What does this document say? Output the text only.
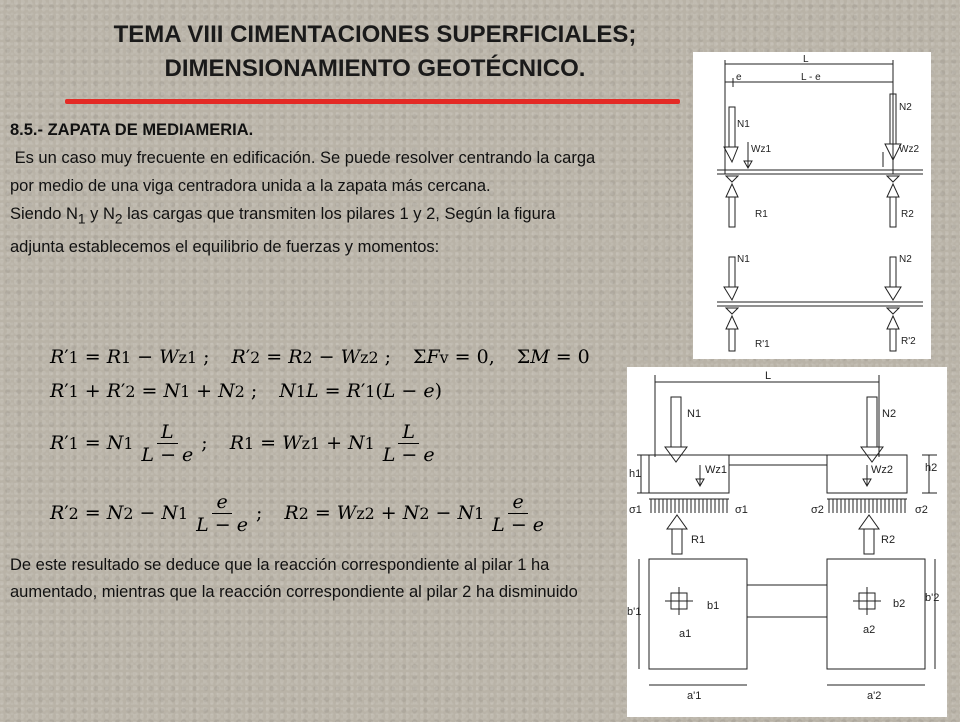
TEMA VIII CIMENTACIONES SUPERFICIALES;
DIMENSIONAMIENTO GEOTÉCNICO.

8.5.- ZAPATA DE MEDIAMERIA.

Es un caso muy frecuente en edificación. Se puede resolver centrando la carga por medio de una viga centradora unida a la zapata más cercana.

Siendo $N_1$ y $N_2$ las cargas que transmiten los pilares 1 y 2, Según la figura adjunta establecemos el equilibrio de fuerzas y momentos:

R ′ 1 = R 1 − W z1 ; R ′ 2 = R 2 − W z2 ; Σ F v = 0, Σ M = 0
R ′ 1 + R ′ 2 = N 1 + N 2 ; N 1 L = R ′ 1 ( L − e )
R ′ 1 = N $1 \frac{L}{L - e}$ ; R 1 = W z1 + N $1 \frac{L}{L - e}$
R ′ 2 = N 2 − N $1 \frac{e}{L - e}$ ; R 2 = W z2 + N 2 − N $1 \frac{e}{L - e}$

De este resultado se deduce que la reacción correspondiente al pilar 1 ha aumentado, mientras que la reacción correspondiente al pilar 2 ha disminuido

L
e	L - e
N1
N2
Wz1	Wz2
R1	R2
N1	N2
R'1	R'2
L
N1	N2
h1	h2
Wz1	Wz2
σ1	σ1	σ2	σ2
R1	R2
b'1	b1
a1
a'1
b2 b'2
a2
a'2
